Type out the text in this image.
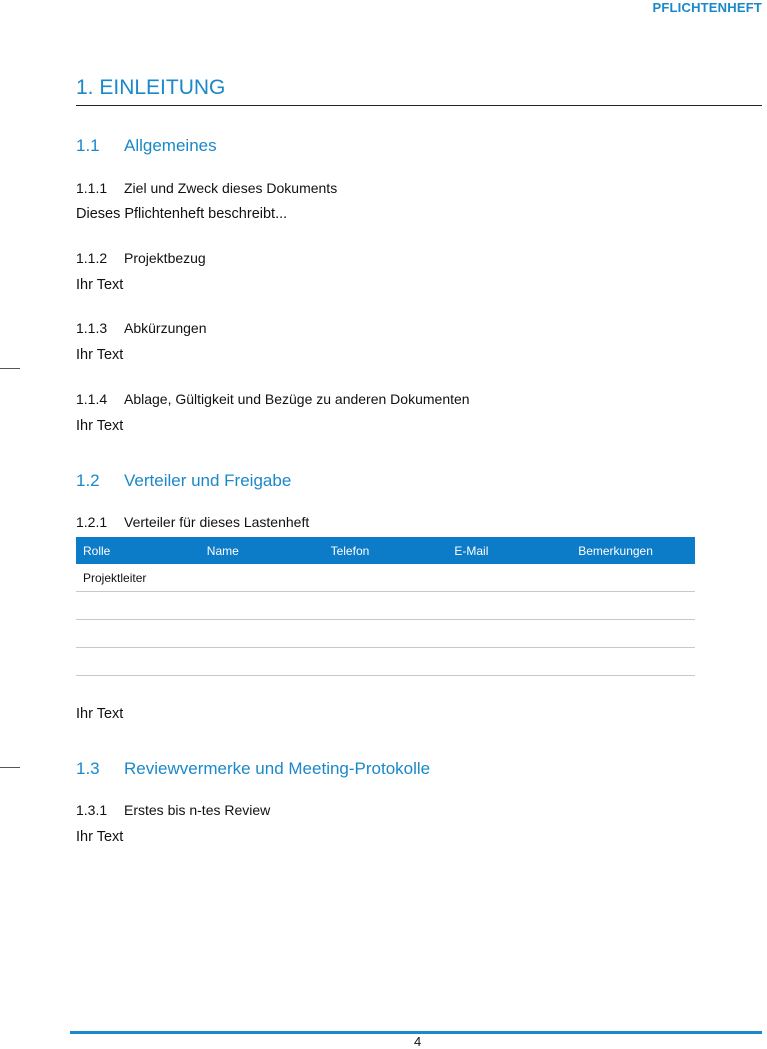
PFLICHTENHEFT
1. EINLEITUNG
1.1 Allgemeines
1.1.1 Ziel und Zweck dieses Dokuments
Dieses Pflichtenheft beschreibt...
1.1.2 Projektbezug
Ihr Text
1.1.3 Abkürzungen
Ihr Text
1.1.4 Ablage, Gültigkeit und Bezüge zu anderen Dokumenten
Ihr Text
1.2 Verteiler und Freigabe
1.2.1 Verteiler für dieses Lastenheft
Rolle	Name	Telefon	E-Mail	Bemerkungen
Projektleiter
Ihr Text
1.3 Reviewvermerke und Meeting-Protokolle
1.3.1 Erstes bis n-tes Review
Ihr Text
4
